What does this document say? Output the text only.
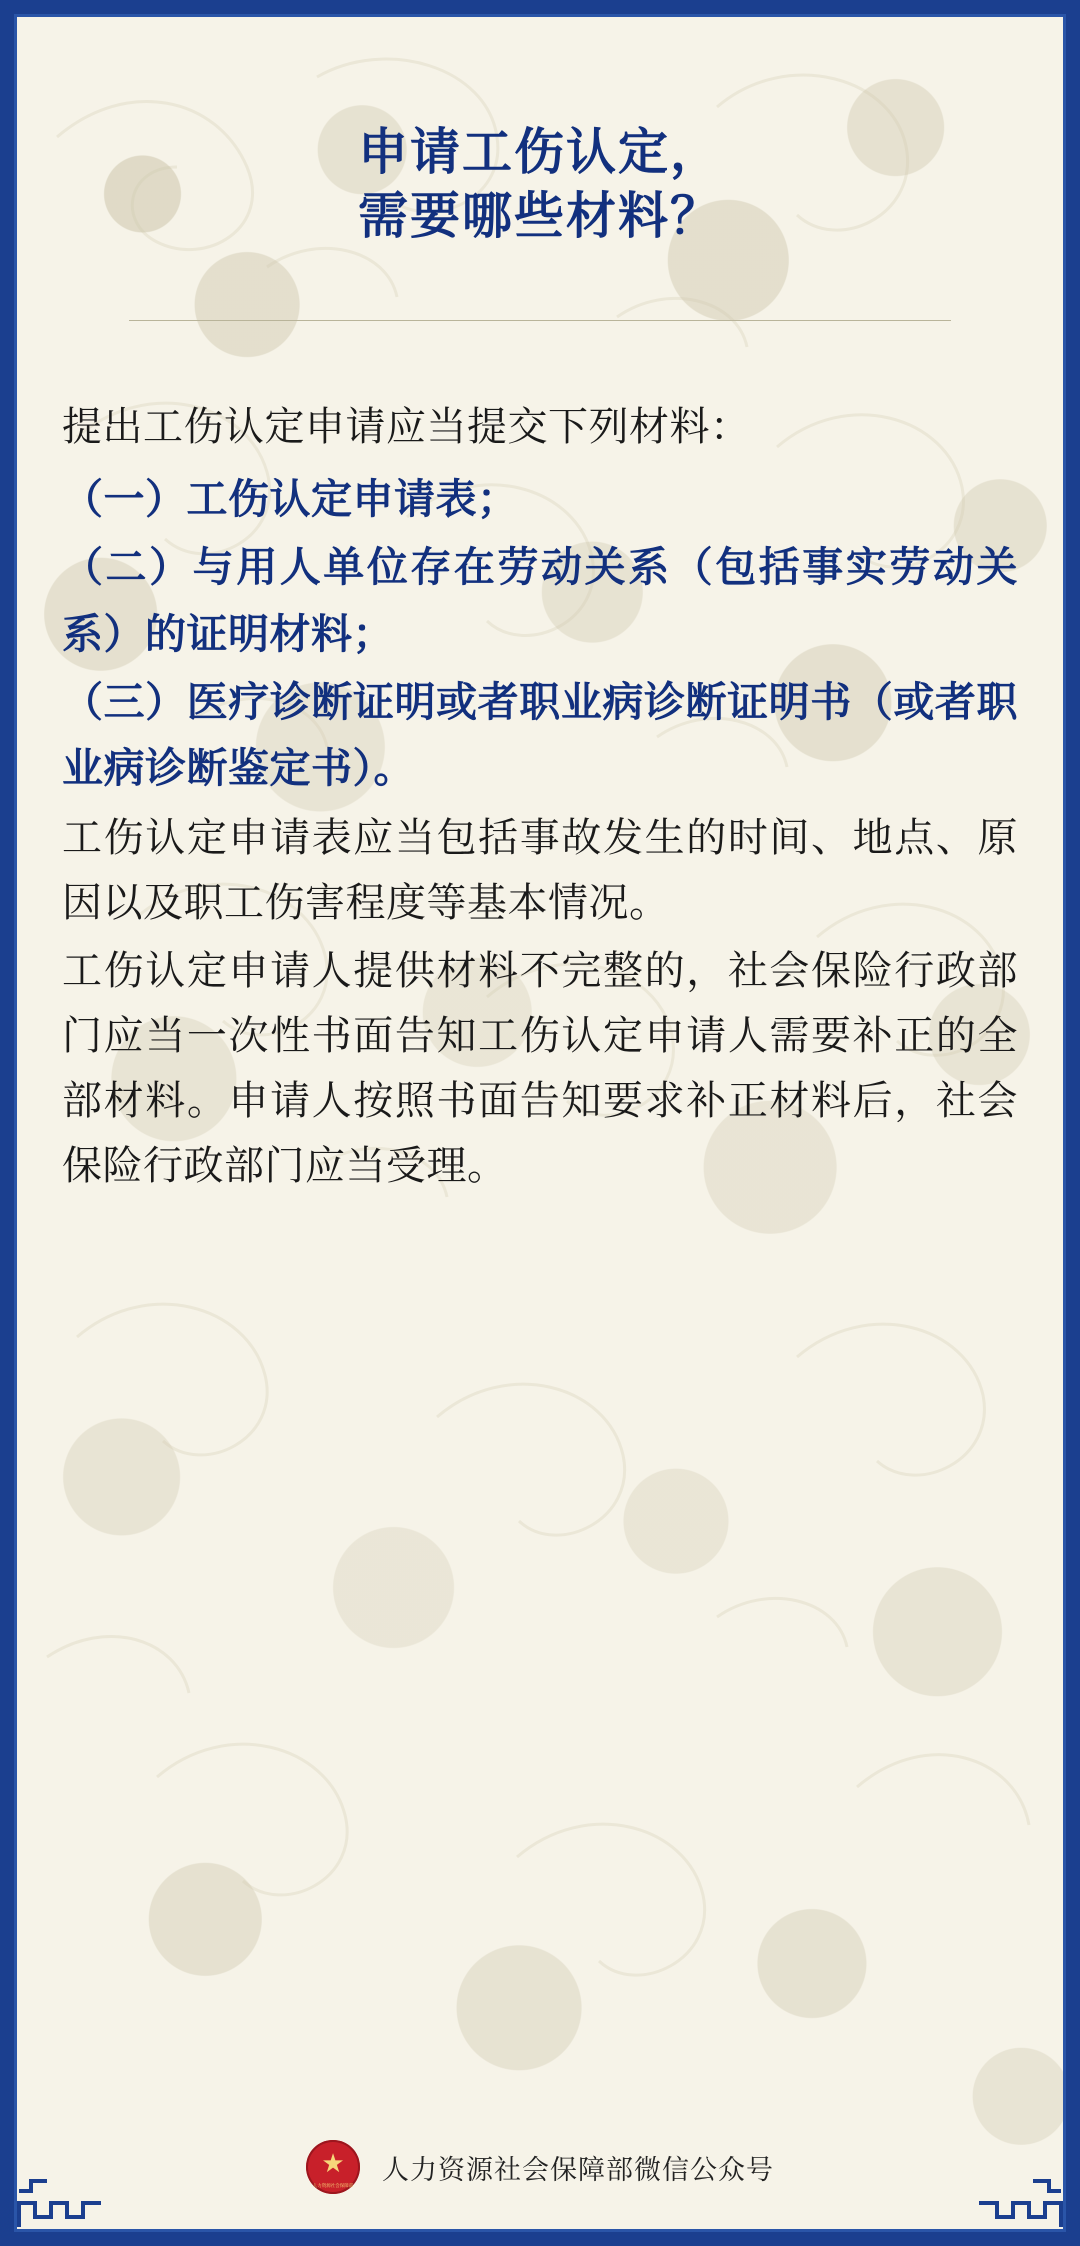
申请工伤认定，
需要哪些材料？

提出工伤认定申请应当提交下列材料：

（一）工伤认定申请表；

（二）与用人单位存在劳动关系（包括事实劳动关系）的证明材料；

（三）医疗诊断证明或者职业病诊断证明书（或者职业病诊断鉴定书）。

工伤认定申请表应当包括事故发生的时间、地点、原因以及职工伤害程度等基本情况。

工伤认定申请人提供材料不完整的，社会保险行政部门应当一次性书面告知工伤认定申请人需要补正的全部材料。申请人按照书面告知要求补正材料后，社会保险行政部门应当受理。

★
人力资源社会保障部
人力资源社会保障部微信公众号
